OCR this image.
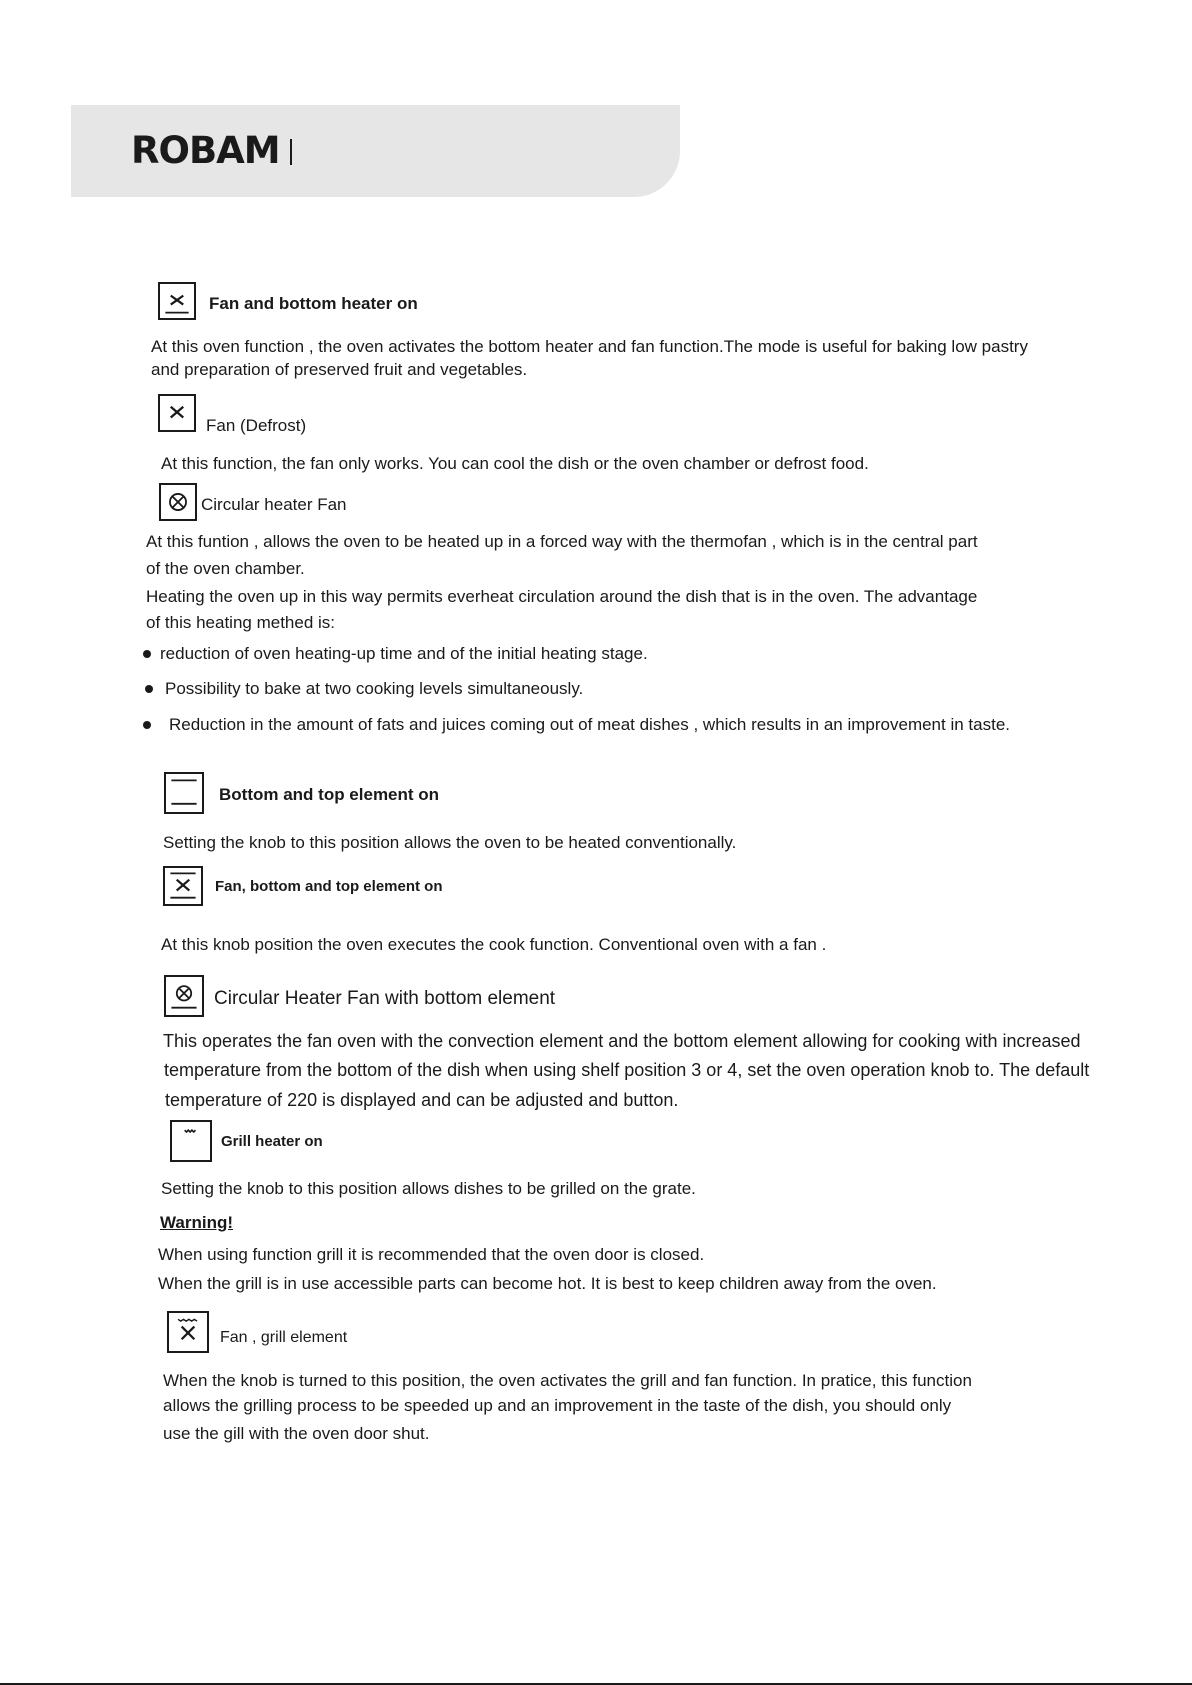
ROBAM
Fan and bottom heater on
At this oven function , the oven activates the bottom heater and fan function.The mode is useful for baking low pastry
and preparation of preserved fruit and vegetables.
Fan (Defrost)
At this function, the fan only works. You can cool the dish or the oven chamber or defrost food.
Circular heater Fan
At this funtion , allows the oven to be heated up in a forced way with the thermofan , which is in the central part
of the oven chamber.
Heating the oven up in this way permits everheat circulation around the dish that is in the oven. The advantage
of this heating methed is:
reduction of oven heating-up time and of the initial heating stage.
Possibility to bake at two cooking levels simultaneously.
Reduction in the amount of fats and juices coming out of meat dishes , which results in an improvement in taste.
Bottom and top element on
Setting the knob to this position allows the oven to be heated conventionally.
Fan, bottom and top element on
At this knob position the oven executes the cook function. Conventional oven with a fan .
Circular Heater Fan with bottom element
This operates the fan oven with the convection element and the bottom element allowing for cooking with increased
temperature from the bottom of the dish when using shelf position 3 or 4, set the oven operation knob to. The default
temperature of 220 is displayed and can be adjusted and button.
Grill heater on
Setting the knob to this position allows dishes to be grilled on the grate.
Warning!
When using function grill it is recommended that the oven door is closed.
When the grill is in use accessible parts can become hot. It is best to keep children away from the oven.
Fan , grill element
When the knob is turned to this position, the oven activates the grill and fan function. In pratice, this function
allows the grilling process to be speeded up and an improvement in the taste of the dish, you should only
use the gill with the oven door shut.
